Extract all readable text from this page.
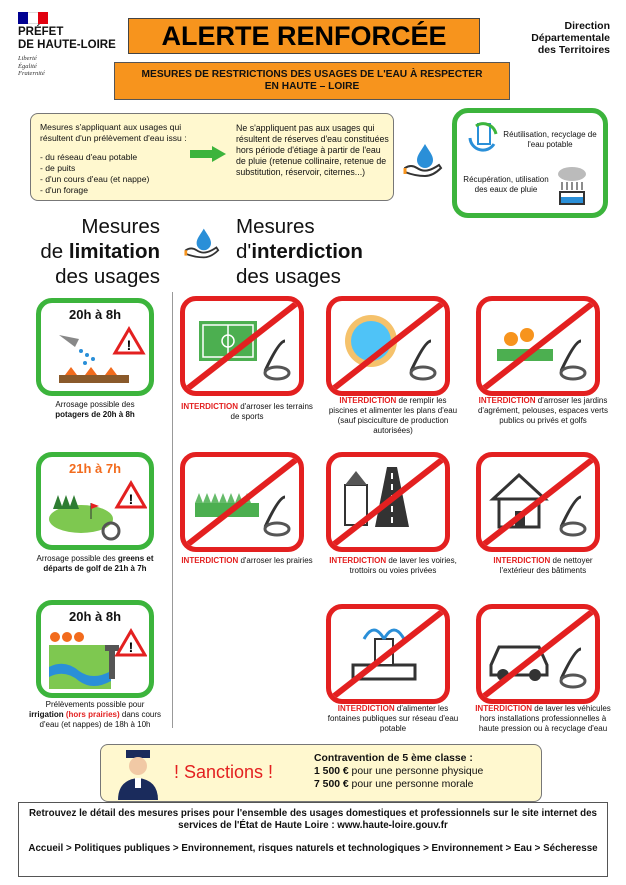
PRÉFET
DE HAUTE-LOIRE
Liberté
Égalité
Fraternité
ALERTE RENFORCÉE
MESURES DE RESTRICTIONS DES USAGES DE L'EAU À RESPECTER
EN HAUTE – LOIRE
Direction
Départementale
des Territoires
Mesures s'appliquant aux usages qui résultent d'un prélèvement d'eau issu :
- du réseau d'eau potable
- de puits
- d'un cours d'eau (et nappe)
- d'un forage
Ne s'appliquent pas aux usages qui résultent de réserves d'eau constituées hors période d'étiage à partir de l'eau de pluie (retenue collinaire, retenue de substitution, réservoir, citernes...)
Réutilisation, recyclage de l'eau potable
Récupération, utilisation des eaux de pluie
Mesures
de limitation
des usages
Mesures
d'interdiction
des usages
20h à 8h
!
Arrosage possible des
potagers de 20h à 8h
21h à 7h
!
Arrosage possible des greens et départs de golf de 21h à 7h
20h à 8h
!
Prélèvements possible pour
irrigation (hors prairies) dans cours d'eau (et nappes) de 18h à 10h
INTERDICTION d'arroser les terrains de sports
INTERDICTION de remplir les piscines et alimenter les plans d'eau (sauf pisciculture de production autorisées)
INTERDICTION d'arroser les jardins d'agrément, pelouses, espaces verts publics ou privés et golfs
INTERDICTION d'arroser les prairies	INTERDICTION de laver les voiries, trottoirs ou voies privées
INTERDICTION de nettoyer l'extérieur des bâtiments
INTERDICTION d'alimenter les fontaines publiques sur réseau d'eau potable
INTERDICTION de laver les véhicules hors installations professionnelles à haute pression ou à recyclage d'eau
! Sanctions !
Contravention de 5 ème classe :
1 500 € pour une personne physique
7 500 € pour une personne morale
Retrouvez le détail des mesures prises pour l'ensemble des usages domestiques et professionnels sur le site internet des services de l'État de Haute Loire : www.haute-loire.gouv.fr
Accueil > Politiques publiques > Environnement, risques naturels et technologiques > Environnement > Eau > Sécheresse
